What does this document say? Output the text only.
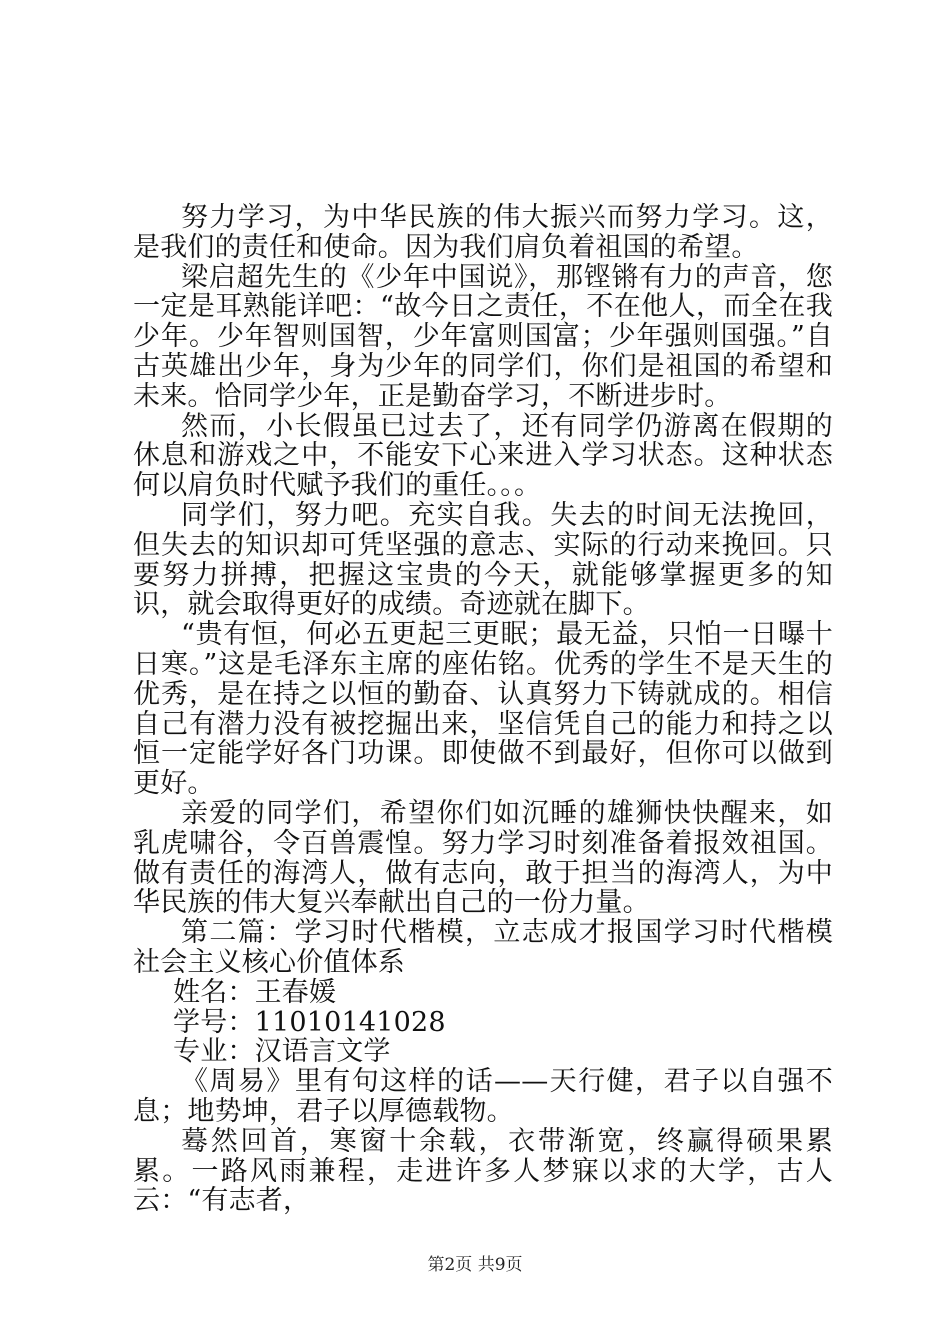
努力学习，为中华民族的伟大振兴而努力学习。这，是我们的责任和使命。因为我们肩负着祖国的希望。

梁启超先生的《少年中国说》，那铿锵有力的声音，您一定是耳熟能详吧：“故今日之责任，不在他人，而全在我少年。少年智则国智，少年富则国富；少年强则国强。”自古英雄出少年，身为少年的同学们，你们是祖国的希望和未来。恰同学少年，正是勤奋学习，不断进步时。

然而，小长假虽已过去了，还有同学仍游离在假期的休息和游戏之中，不能安下心来进入学习状态。这种状态何以肩负时代赋予我们的重任。。。

同学们，努力吧。充实自我。失去的时间无法挽回，但失去的知识却可凭坚强的意志、实际的行动来挽回。只要努力拼搏，把握这宝贵的今天，就能够掌握更多的知识，就会取得更好的成绩。奇迹就在脚下。

“贵有恒，何必五更起三更眠；最无益，只怕一日曝十日寒。”这是毛泽东主席的座佑铭。优秀的学生不是天生的优秀，是在持之以恒的勤奋、认真努力下铸就成的。相信自己有潜力没有被挖掘出来，坚信凭自己的能力和持之以恒一定能学好各门功课。即使做不到最好，但你可以做到更好。

亲爱的同学们，希望你们如沉睡的雄狮快快醒来，如乳虎啸谷，令百兽震惶。努力学习时刻准备着报效祖国。做有责任的海湾人，做有志向，敢于担当的海湾人，为中华民族的伟大复兴奉献出自己的一份力量。

第二篇：学习时代楷模，立志成才报国学习时代楷模社会主义核心价值体系

姓名：王春媛

学号：11010141028

专业：汉语言文学

《周易》里有句这样的话——天行健，君子以自强不息；地势坤，君子以厚德载物。

蓦然回首，寒窗十余载，衣带渐宽，终赢得硕果累累。一路风雨兼程，走进许多人梦寐以求的大学，古人云：“有志者，

第2页 共9页
